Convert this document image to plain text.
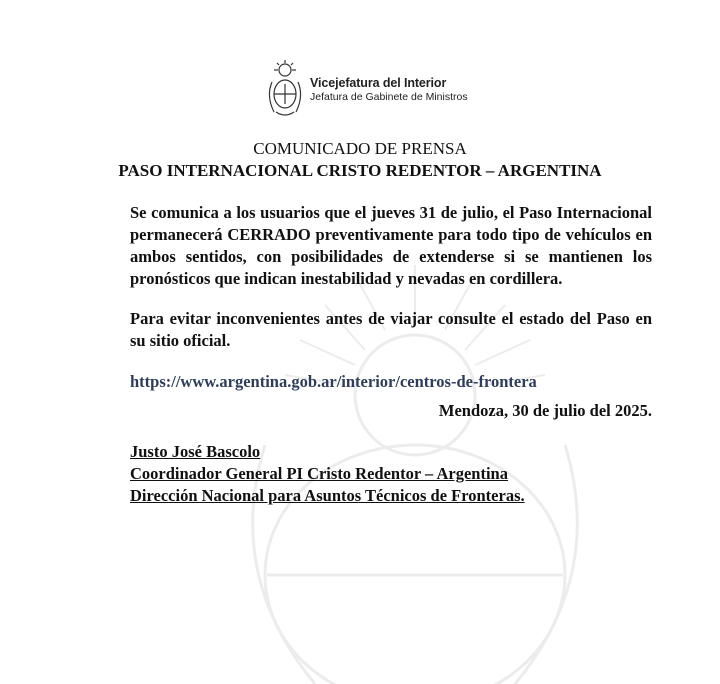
Vicejefatura del Interior
Jefatura de Gabinete de Ministros
COMUNICADO DE PRENSA
PASO INTERNACIONAL CRISTO REDENTOR – ARGENTINA
Se comunica a los usuarios que el jueves 31 de julio, el Paso Internacional permanecerá CERRADO preventivamente para todo tipo de vehículos en ambos sentidos, con posibilidades de extenderse si se mantienen los pronósticos que indican inestabilidad y nevadas en cordillera.
Para evitar inconvenientes antes de viajar consulte el estado del Paso en su sitio oficial.
https://www.argentina.gob.ar/interior/centros-de-frontera
Mendoza, 30 de julio del 2025.
Justo José Bascolo
Coordinador General PI Cristo Redentor – Argentina
Dirección Nacional para Asuntos Técnicos de Fronteras.
